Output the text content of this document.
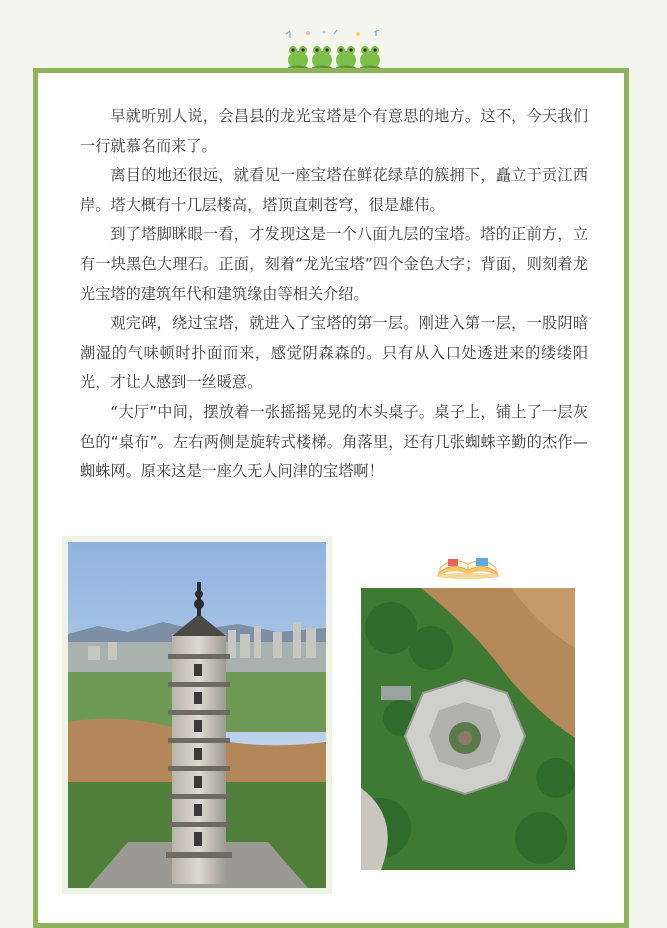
早就听别人说，会昌县的龙光宝塔是个有意思的地方。这不，今天我们一行就慕名而来了。

离目的地还很远，就看见一座宝塔在鲜花绿草的簇拥下，矗立于贡江西岸。塔大概有十几层楼高，塔顶直刺苍穹，很是雄伟。

到了塔脚眯眼一看，才发现这是一个八面九层的宝塔。塔的正前方，立有一块黑色大理石。正面，刻着“龙光宝塔”四个金色大字；背面，则刻着龙光宝塔的建筑年代和建筑缘由等相关介绍。

观完碑，绕过宝塔，就进入了宝塔的第一层。刚进入第一层，一股阴暗潮湿的气味顿时扑面而来，感觉阴森森的。只有从入口处透进来的缕缕阳光，才让人感到一丝暖意。

“大厅”中间，摆放着一张摇摇晃晃的木头桌子。桌子上，铺上了一层灰色的“桌布”。左右两侧是旋转式楼梯。角落里，还有几张蜘蛛辛勤的杰作—蜘蛛网。原来这是一座久无人问津的宝塔啊！
